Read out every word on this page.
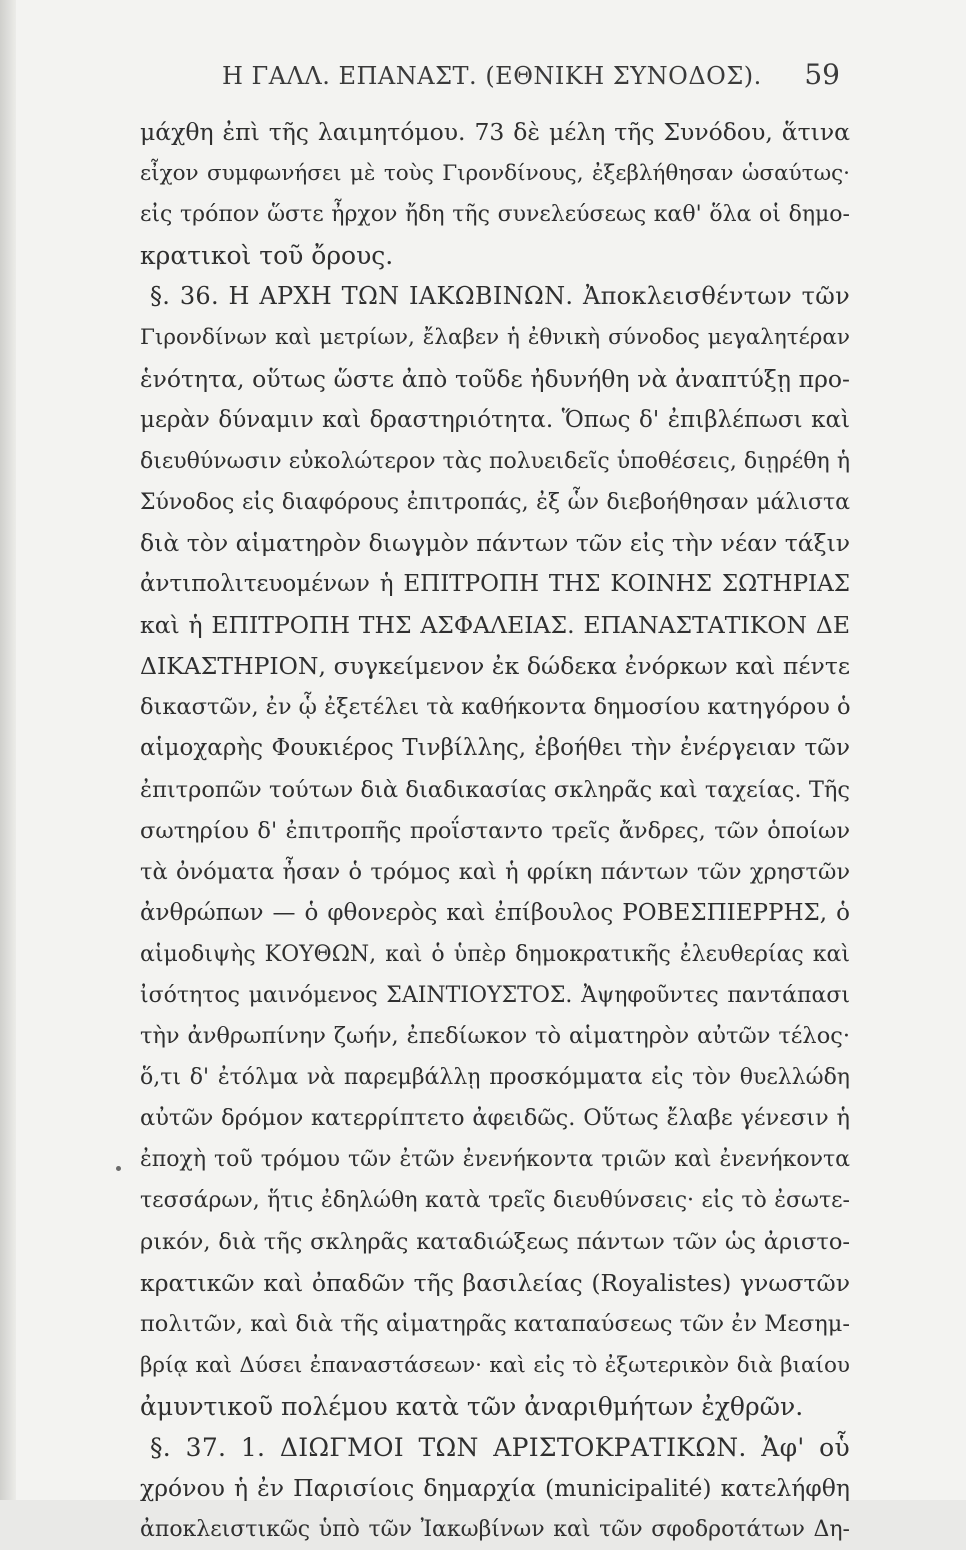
Η ΓΑΛΛ. ΕΠΑΝΑΣΤ. (ΕΘΝΙΚΗ ΣΥΝΟΔΟΣ). 59
μάχθη ἐπὶ τῆς λαιμητόμου. 73 δὲ μέλη τῆς Συνόδου, ἅτινα
εἶχον συμφωνήσει μὲ τοὺς Γιρονδίνους, ἐξεβλήθησαν ὡσαύτως·
εἰς τρόπον ὥστε ἦρχον ἤδη τῆς συνελεύσεως καθ' ὅλα οἱ δημο-
κρατικοὶ τοῦ ὄρους.
§. 36. Η ΑΡΧΗ ΤΩΝ ΙΑΚΩΒΙΝΩΝ. Ἀποκλεισθέντων τῶν
Γιρονδίνων καὶ μετρίων, ἔλαβεν ἡ ἐθνικὴ σύνοδος μεγαλητέραν
ἑνότητα, οὕτως ὥστε ἀπὸ τοῦδε ἠδυνήθη νὰ ἀναπτύξῃ προ-
μερὰν δύναμιν καὶ δραστηριότητα. Ὅπως δ' ἐπιβλέπωσι καὶ
διευθύνωσιν εὐκολώτερον τὰς πολυειδεῖς ὑποθέσεις, διῃρέθη ἡ
Σύνοδος εἰς διαφόρους ἐπιτροπάς, ἐξ ὧν διεβοήθησαν μάλιστα
διὰ τὸν αἱματηρὸν διωγμὸν πάντων τῶν εἰς τὴν νέαν τάξιν
ἀντιπολιτευομένων ἡ ΕΠΙΤΡΟΠΗ ΤΗΣ ΚΟΙΝΗΣ ΣΩΤΗΡΙΑΣ
καὶ ἡ ΕΠΙΤΡΟΠΗ ΤΗΣ ΑΣΦΑΛΕΙΑΣ. ΕΠΑΝΑΣΤΑΤΙΚΟΝ ΔΕ
ΔΙΚΑΣΤΗΡΙΟΝ, συγκείμενον ἐκ δώδεκα ἐνόρκων καὶ πέντε
δικαστῶν, ἐν ᾧ ἐξετέλει τὰ καθήκοντα δημοσίου κατηγόρου ὁ
αἱμοχαρὴς Φουκιέρος Τινβίλλης, ἐβοήθει τὴν ἐνέργειαν τῶν
ἐπιτροπῶν τούτων διὰ διαδικασίας σκληρᾶς καὶ ταχείας. Τῆς
σωτηρίου δ' ἐπιτροπῆς προΐσταντο τρεῖς ἄνδρες, τῶν ὁποίων
τὰ ὀνόματα ἦσαν ὁ τρόμος καὶ ἡ φρίκη πάντων τῶν χρηστῶν
ἀνθρώπων — ὁ φθονερὸς καὶ ἐπίβουλος ΡΟΒΕΣΠΙΕΡΡΗΣ, ὁ
αἱμοδιψὴς ΚΟΥΘΩΝ, καὶ ὁ ὑπὲρ δημοκρατικῆς ἐλευθερίας καὶ
ἰσότητος μαινόμενος ΣΑΙΝΤΙΟΥΣΤΟΣ. Ἀψηφοῦντες παντάπασι
τὴν ἀνθρωπίνην ζωήν, ἐπεδίωκον τὸ αἱματηρὸν αὐτῶν τέλος·
ὅ,τι δ' ἐτόλμα νὰ παρεμβάλλῃ προσκόμματα εἰς τὸν θυελλώδη
αὐτῶν δρόμον κατερρίπτετο ἀφειδῶς. Οὕτως ἔλαβε γένεσιν ἡ
ἐποχὴ τοῦ τρόμου τῶν ἐτῶν ἐνενήκοντα τριῶν καὶ ἐνενήκοντα
τεσσάρων, ἥτις ἐδηλώθη κατὰ τρεῖς διευθύνσεις· εἰς τὸ ἐσωτε-
ρικόν, διὰ τῆς σκληρᾶς καταδιώξεως πάντων τῶν ὡς ἀριστο-
κρατικῶν καὶ ὀπαδῶν τῆς βασιλείας (Royalistes) γνωστῶν
πολιτῶν, καὶ διὰ τῆς αἱματηρᾶς καταπαύσεως τῶν ἐν Μεσημ-
βρίᾳ καὶ Δύσει ἐπαναστάσεων· καὶ εἰς τὸ ἐξωτερικὸν διὰ βιαίου
ἀμυντικοῦ πολέμου κατὰ τῶν ἀναριθμήτων ἐχθρῶν.
§. 37. 1. ΔΙΩΓΜΟΙ ΤΩΝ ΑΡΙΣΤΟΚΡΑΤΙΚΩΝ. Ἀφ' οὗ
χρόνου ἡ ἐν Παρισίοις δημαρχία (municipalité) κατελήφθη
ἀποκλειστικῶς ὑπὸ τῶν Ἰακωβίνων καὶ τῶν σφοδροτάτων Δη-
